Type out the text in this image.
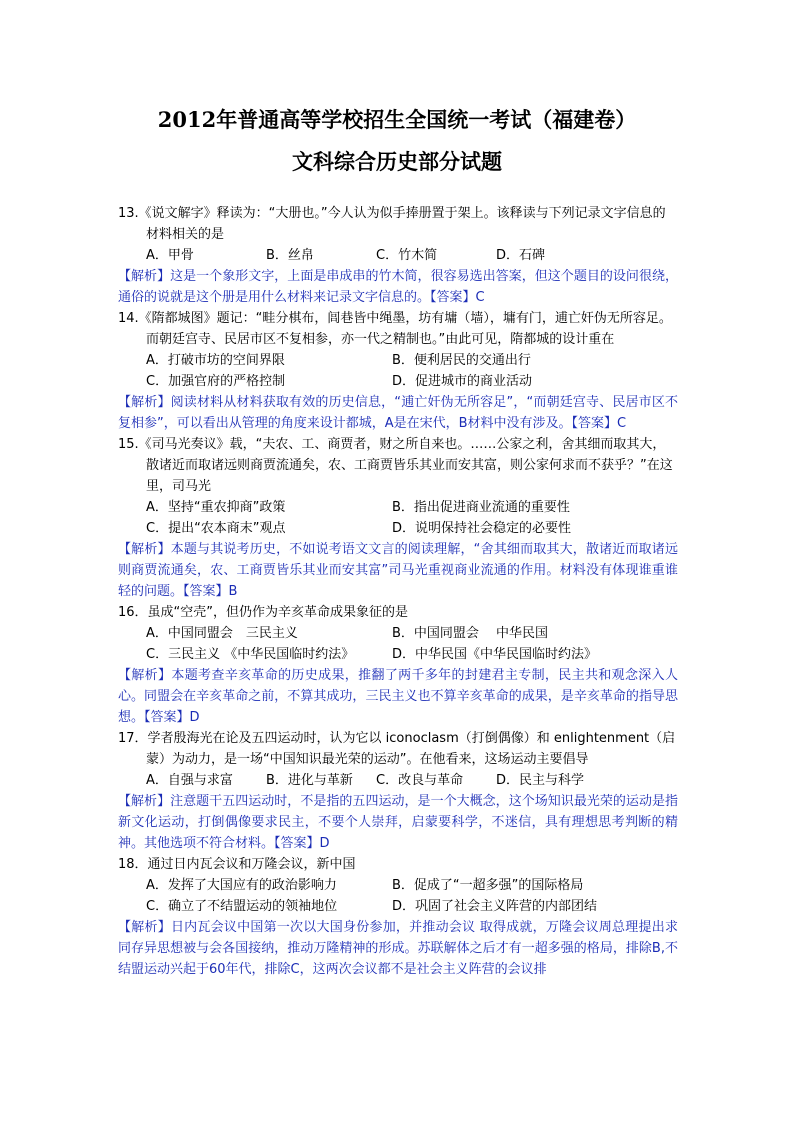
2012年普通高等学校招生全国统一考试（福建卷）
文科综合历史部分试题

13.《说文解字》释读为：“大册也。”今人认为似手捧册置于架上。该释读与下列记录文字信息的材料相关的是

A．甲骨	B．丝帛	C．竹木简	D．石碑

【解析】这是一个象形文字，上面是串成串的竹木简，很容易选出答案，但这个题目的设问很绕，通俗的说就是这个册是用什么材料来记录文字信息的。【答案】C

14.《隋都城图》题记：“畦分棋布，闾巷皆中绳墨，坊有墉（墙），墉有门，逋亡奸伪无所容足。而朝廷宫寺、民居市区不复相参，亦一代之精制也。”由此可见，隋都城的设计重在

A．打破市坊的空间界限	B．便利居民的交通出行
C．加强官府的严格控制	D．促进城市的商业活动

【解析】阅读材料从材料获取有效的历史信息，“逋亡奸伪无所容足”，“而朝廷宫寺、民居市区不复相参”，可以看出从管理的角度来设计都城，A是在宋代，B材料中没有涉及。【答案】C

15.《司马光奏议》载，“夫农、工、商贾者，财之所自来也。……公家之利，舍其细而取其大，散诸近而取诸远则商贾流通矣，农、工商贾皆乐其业而安其富，则公家何求而不获乎？”在这里，司马光

A．坚持“重农抑商”政策	B．指出促进商业流通的重要性
C．提出“农本商末”观点	D．说明保持社会稳定的必要性

【解析】本题与其说考历史，不如说考语文文言的阅读理解，“舍其细而取其大，散诸近而取诸远则商贾流通矣，农、工商贾皆乐其业而安其富”司马光重视商业流通的作用。材料没有体现谁重谁轻的问题。【答案】B

16．虽成“空壳”，但仍作为辛亥革命成果象征的是

A．中国同盟会　三民主义	B．中国同盟会　 中华民国
C．三民主义 《中华民国临时约法》	D．中华民国《中华民国临时约法》

【解析】本题考查辛亥革命的历史成果，推翻了两千多年的封建君主专制，民主共和观念深入人心。同盟会在辛亥革命之前，不算其成功，三民主义也不算辛亥革命的成果，是辛亥革命的指导思想。【答案】D

17．学者殷海光在论及五四运动时，认为它以 iconoclasm（打倒偶像）和 enlightenment（启蒙）为动力，是一场“中国知识最光荣的运动”。在他看来，这场运动主要倡导

A．自强与求富	B．进化与革新	C．改良与革命	D．民主与科学

【解析】注意题干五四运动时，不是指的五四运动，是一个大概念，这个场知识最光荣的运动是指新文化运动，打倒偶像要求民主，不要个人崇拜，启蒙要科学，不迷信，具有理想思考判断的精神。其他选项不符合材料。【答案】D

18．通过日内瓦会议和万隆会议，新中国

A．发挥了大国应有的政治影响力	B．促成了“一超多强”的国际格局
C．确立了不结盟运动的领袖地位	D．巩固了社会主义阵营的内部团结

【解析】日内瓦会议中国第一次以大国身份参加，并推动会议 取得成就，万隆会议周总理提出求同存异思想被与会各国接纳，推动万隆精神的形成。苏联解体之后才有一超多强的格局，排除B,不结盟运动兴起于60年代，排除C，这两次会议都不是社会主义阵营的会议排
